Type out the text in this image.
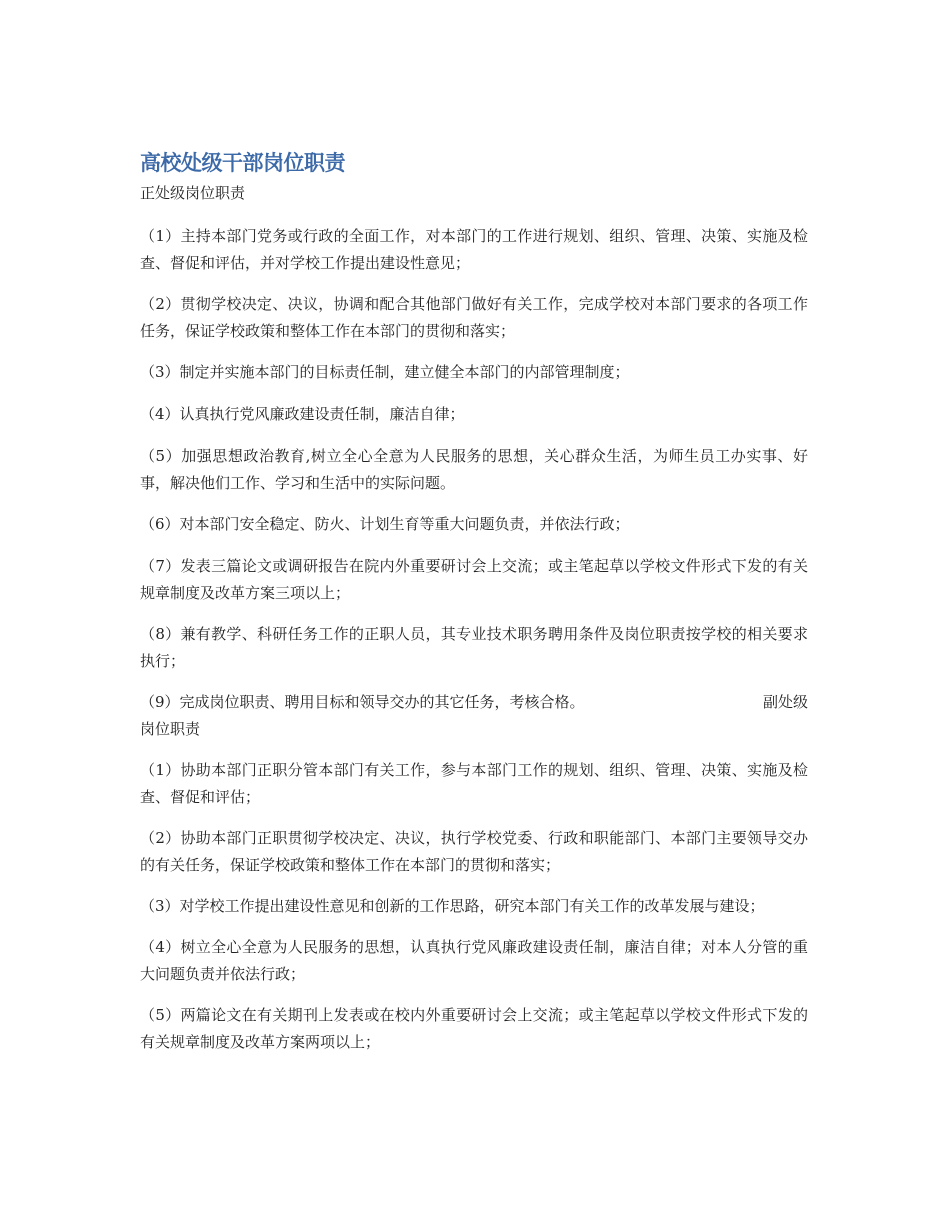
高校处级干部岗位职责
正处级岗位职责

（1）主持本部门党务或行政的全面工作，对本部门的工作进行规划、组织、管理、决策、实施及检查、督促和评估，并对学校工作提出建设性意见；

（2）贯彻学校决定、决议，协调和配合其他部门做好有关工作，完成学校对本部门要求的各项工作任务，保证学校政策和整体工作在本部门的贯彻和落实；

（3）制定并实施本部门的目标责任制，建立健全本部门的内部管理制度；

（4）认真执行党风廉政建设责任制，廉洁自律；

（5）加强思想政治教育,树立全心全意为人民服务的思想，关心群众生活，为师生员工办实事、好事，解决他们工作、学习和生活中的实际问题。

（6）对本部门安全稳定、防火、计划生育等重大问题负责，并依法行政；

（7）发表三篇论文或调研报告在院内外重要研讨会上交流；或主笔起草以学校文件形式下发的有关规章制度及改革方案三项以上；

（8）兼有教学、科研任务工作的正职人员，其专业技术职务聘用条件及岗位职责按学校的相关要求执行；

（9）完成岗位职责、聘用目标和领导交办的其它任务，考核合格。	副处级
岗位职责

（1）协助本部门正职分管本部门有关工作，参与本部门工作的规划、组织、管理、决策、实施及检查、督促和评估；

（2）协助本部门正职贯彻学校决定、决议，执行学校党委、行政和职能部门、本部门主要领导交办的有关任务，保证学校政策和整体工作在本部门的贯彻和落实；

（3）对学校工作提出建设性意见和创新的工作思路，研究本部门有关工作的改革发展与建设；

（4）树立全心全意为人民服务的思想，认真执行党风廉政建设责任制，廉洁自律；对本人分管的重大问题负责并依法行政；

（5）两篇论文在有关期刊上发表或在校内外重要研讨会上交流；或主笔起草以学校文件形式下发的有关规章制度及改革方案两项以上；
